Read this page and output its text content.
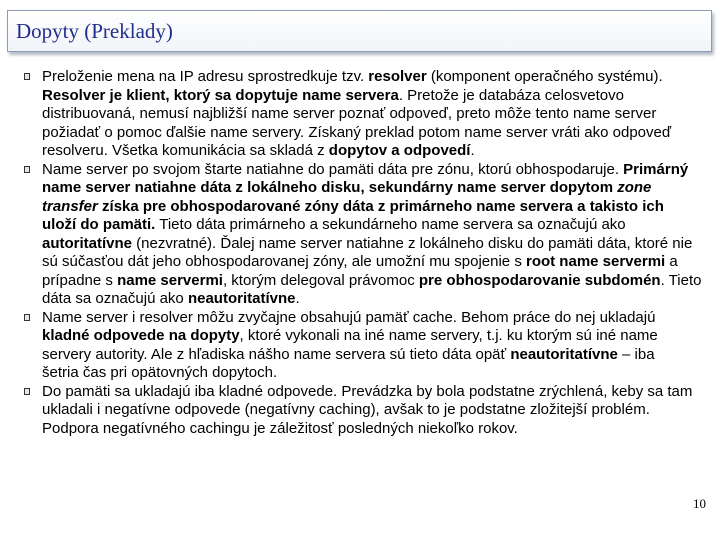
Dopyty (Preklady)
Preloženie mena na IP adresu sprostredkuje tzv. resolver (komponent operačného systému). Resolver je klient, ktorý sa dopytuje name servera. Pretože je databáza celosvetovo distribuovaná, nemusí najbližší name server poznať odpoveď, preto môže tento name server požiadať o pomoc ďalšie name servery. Získaný preklad potom name server vráti ako odpoveď resolveru. Všetka komunikácia sa skladá z dopytov a odpovedí.
Name server po svojom štarte natiahne do pamäti dáta pre zónu, ktorú obhospodaruje. Primárný name server natiahne dáta z lokálneho disku, sekundárny name server dopytom zone transfer získa pre obhospodarované zóny dáta z primárneho name servera a takisto ich uloží do pamäti. Tieto dáta primárneho a sekundárneho name servera sa označujú ako autoritatívne (nezvratné). Ďalej name server natiahne z lokálneho disku do pamäti dáta, ktoré nie sú súčasťou dát jeho obhospodarovanej zóny, ale umožní mu spojenie s root name servermi a prípadne s name servermi, ktorým delegoval právomoc pre obhospodarovanie subdomén. Tieto dáta sa označujú ako neautoritatívne.
Name server i resolver môžu zvyčajne obsahujú pamäť cache. Behom práce do nej ukladajú kladné odpovede na dopyty, ktoré vykonali na iné name servery, t.j. ku ktorým sú iné name servery autority. Ale z hľadiska nášho name servera sú tieto dáta opäť neautoritatívne – iba šetria čas pri opätovných dopytoch.
Do pamäti sa ukladajú iba kladné odpovede. Prevádzka by bola podstatne zrýchlená, keby sa tam ukladali i negatívne odpovede (negatívny caching), avšak to je podstatne zložitejší problém. Podpora negatívného cachingu je záležitosť posledných niekoľko rokov.
10
